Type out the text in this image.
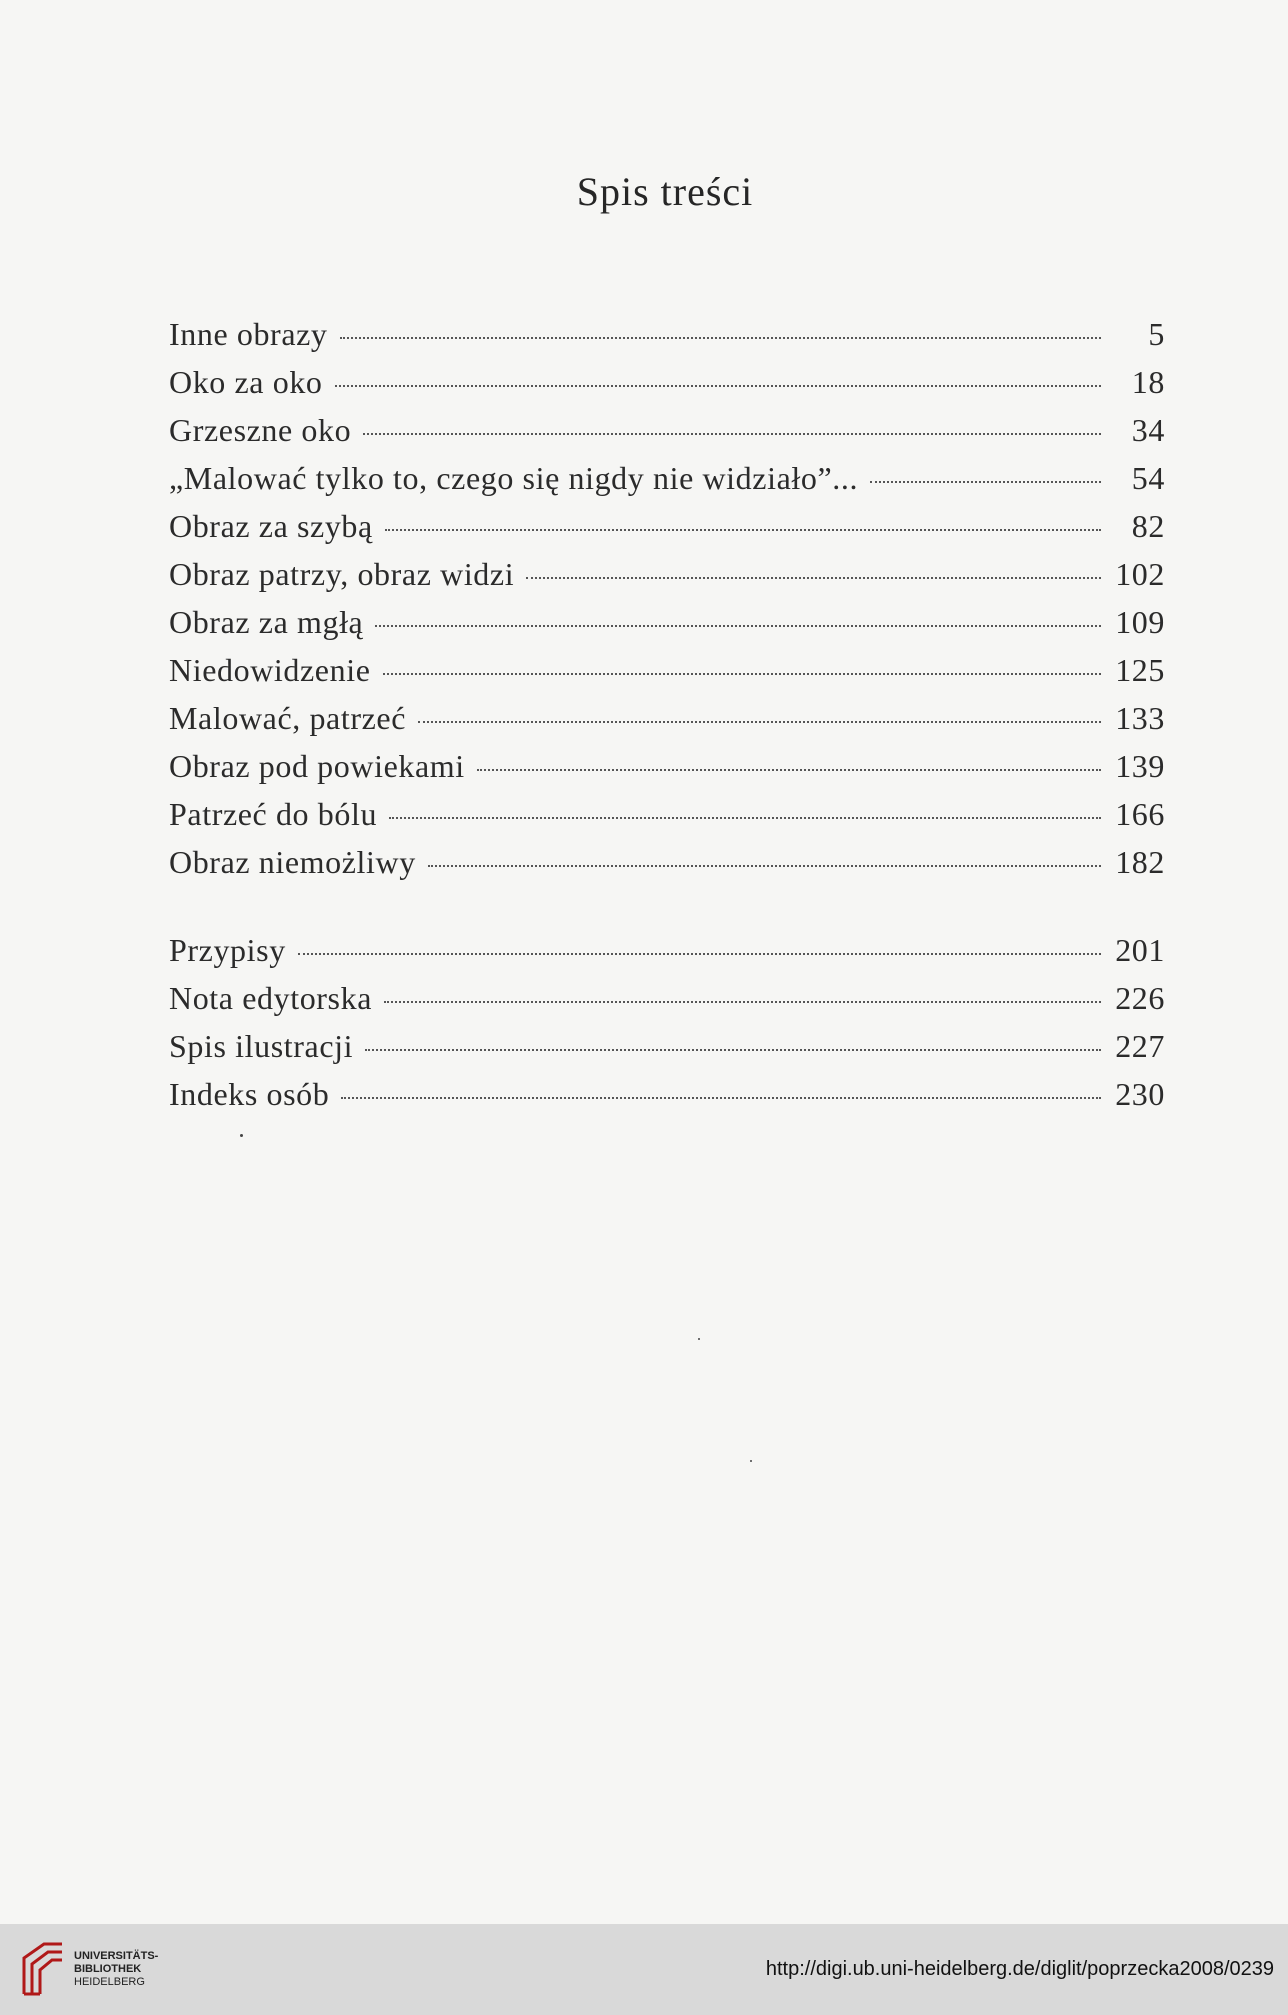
Spis treści
Inne obrazy	5
Oko za oko	18
Grzeszne oko	34
„Malować tylko to, czego się nigdy nie widziało”...	54
Obraz za szybą	82
Obraz patrzy, obraz widzi	102
Obraz za mgłą	109
Niedowidzenie	125
Malować, patrzeć	133
Obraz pod powiekami	139
Patrzeć do bólu	166
Obraz niemożliwy	182
Przypisy	201
Nota edytorska	226
Spis ilustracji	227
Indeks osób	230
UNIVERSITÄTS-
BIBLIOTHEK
HEIDELBERG
http://digi.ub.uni-heidelberg.de/diglit/poprzecka2008/0239
